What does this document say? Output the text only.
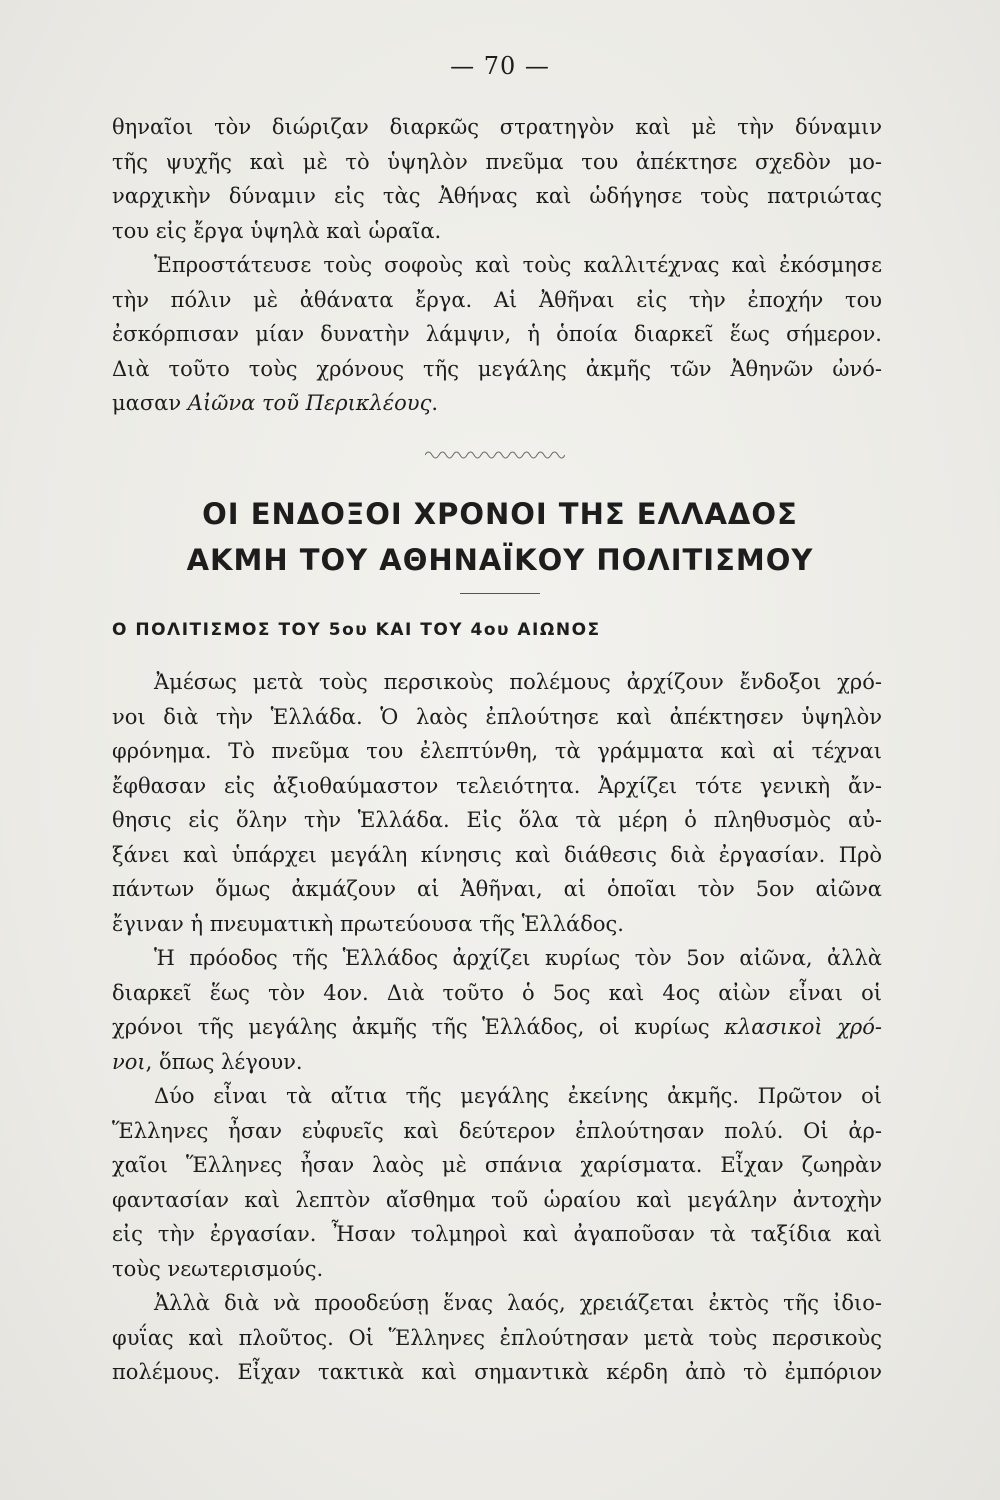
— 70 —
θηναῖοι τὸν διώριζαν διαρκῶς στρατηγὸν καὶ μὲ τὴν δύναμιν
τῆς ψυχῆς καὶ μὲ τὸ ὑψηλὸν πνεῦμα του ἀπέκτησε σχεδὸν μο-
ναρχικὴν δύναμιν εἰς τὰς Ἀθήνας καὶ ὡδήγησε τοὺς πατριώτας
του εἰς ἔργα ὑψηλὰ καὶ ὡραῖα.
Ἐπροστάτευσε τοὺς σοφοὺς καὶ τοὺς καλλιτέχνας καὶ ἐκόσμησε
τὴν πόλιν μὲ ἀθάνατα ἔργα. Αἱ Ἀθῆναι εἰς τὴν ἐποχήν του
ἐσκόρπισαν μίαν δυνατὴν λάμψιν, ἡ ὁποία διαρκεῖ ἕως σήμερον.
Διὰ τοῦτο τοὺς χρόνους τῆς μεγάλης ἀκμῆς τῶν Ἀθηνῶν ὠνό-
μασαν Αἰῶνα τοῦ Περικλέους.
ΟΙ ΕΝΔΟΞΟΙ ΧΡΟΝΟΙ ΤΗΣ ΕΛΛΑΔΟΣ
ΑΚΜΗ ΤΟΥ ΑΘΗΝΑΪΚΟΥ ΠΟΛΙΤΙΣΜΟΥ
Ο ΠΟΛΙΤΙΣΜΟΣ ΤΟΥ 5ου ΚΑΙ ΤΟΥ 4ου ΑΙΩΝΟΣ
Ἀμέσως μετὰ τοὺς περσικοὺς πολέμους ἀρχίζουν ἔνδοξοι χρό-
νοι διὰ τὴν Ἑλλάδα. Ὁ λαὸς ἐπλούτησε καὶ ἀπέκτησεν ὑψηλὸν
φρόνημα. Τὸ πνεῦμα του ἐλεπτύνθη, τὰ γράμματα καὶ αἱ τέχναι
ἔφθασαν εἰς ἀξιοθαύμαστον τελειότητα. Ἀρχίζει τότε γενικὴ ἄν-
θησις εἰς ὅλην τὴν Ἑλλάδα. Εἰς ὅλα τὰ μέρη ὁ πληθυσμὸς αὐ-
ξάνει καὶ ὑπάρχει μεγάλη κίνησις καὶ διάθεσις διὰ ἐργασίαν. Πρὸ
πάντων ὅμως ἀκμάζουν αἱ Ἀθῆναι, αἱ ὁποῖαι τὸν 5ον αἰῶνα
ἔγιναν ἡ πνευματικὴ πρωτεύουσα τῆς Ἑλλάδος.
Ἡ πρόοδος τῆς Ἑλλάδος ἀρχίζει κυρίως τὸν 5ον αἰῶνα, ἀλλὰ
διαρκεῖ ἕως τὸν 4ον. Διὰ τοῦτο ὁ 5ος καὶ 4ος αἰὼν εἶναι οἱ
χρόνοι τῆς μεγάλης ἀκμῆς τῆς Ἑλλάδος, οἱ κυρίως κλασικοὶ χρό-
νοι, ὅπως λέγουν.
Δύο εἶναι τὰ αἴτια τῆς μεγάλης ἐκείνης ἀκμῆς. Πρῶτον οἱ
Ἕλληνες ἦσαν εὐφυεῖς καὶ δεύτερον ἐπλούτησαν πολύ. Οἱ ἀρ-
χαῖοι Ἕλληνες ἦσαν λαὸς μὲ σπάνια χαρίσματα. Εἶχαν ζωηρὰν
φαντασίαν καὶ λεπτὸν αἴσθημα τοῦ ὡραίου καὶ μεγάλην ἀντοχὴν
εἰς τὴν ἐργασίαν. Ἦσαν τολμηροὶ καὶ ἀγαποῦσαν τὰ ταξίδια καὶ
τοὺς νεωτερισμούς.
Ἀλλὰ διὰ νὰ προοδεύσῃ ἕνας λαός, χρειάζεται ἐκτὸς τῆς ἰδιο-
φυΐας καὶ πλοῦτος. Οἱ Ἕλληνες ἐπλούτησαν μετὰ τοὺς περσικοὺς
πολέμους. Εἶχαν τακτικὰ καὶ σημαντικὰ κέρδη ἀπὸ τὸ ἐμπόριον
